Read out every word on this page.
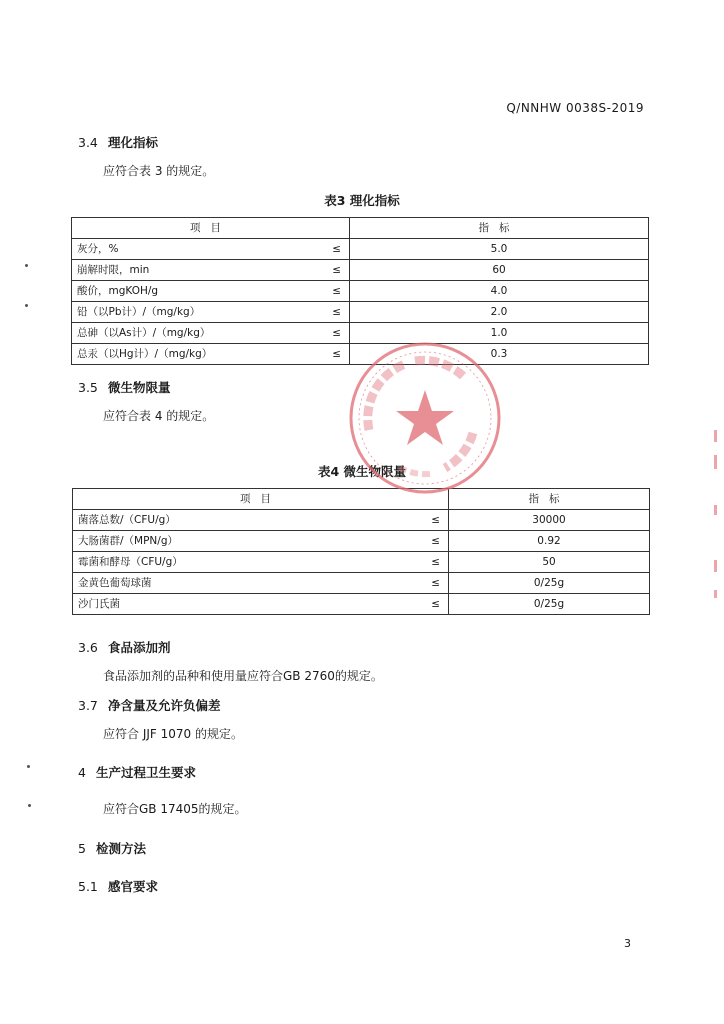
Q/NNHW 0038S-2019
3.4 理化指标
应符合表 3 的规定。
表3 理化指标
项目		指标
灰分，%	≤	5.0
崩解时限，min	≤	60
酸价，mgKOH/g	≤	4.0
铅（以Pb计）/（mg/kg）	≤	2.0
总砷（以As计）/（mg/kg）	≤	1.0
总汞（以Hg计）/（mg/kg）	≤	0.3
3.5 微生物限量
应符合表 4 的规定。
表4 微生物限量
项目		指标
菌落总数/（CFU/g）	≤	30000
大肠菌群/（MPN/g）	≤	0.92
霉菌和酵母（CFU/g）	≤	50
金黄色葡萄球菌	≤	0/25g
沙门氏菌	≤	0/25g
3.6 食品添加剂
食品添加剂的品种和使用量应符合GB 2760的规定。
3.7 净含量及允许负偏差
应符合 JJF 1070 的规定。
4 生产过程卫生要求
应符合GB 17405的规定。
5 检测方法
5.1 感官要求
3
